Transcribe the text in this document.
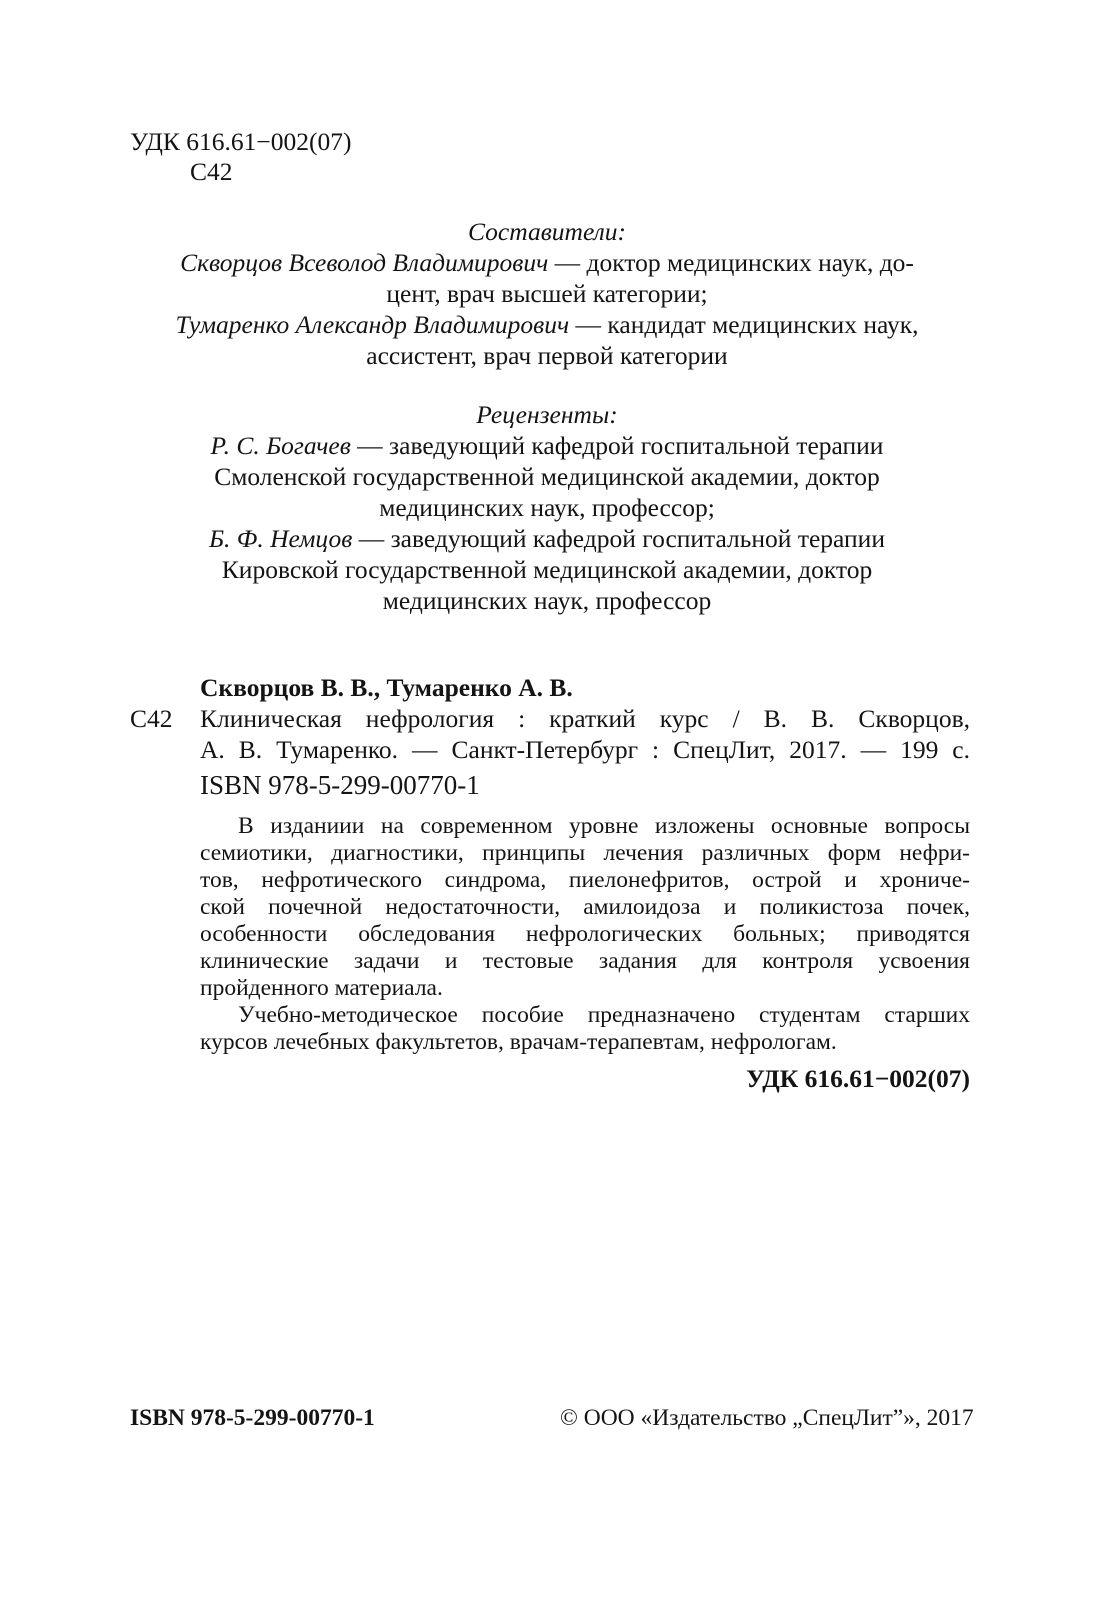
УДК 616.61−002(07)
С42
Составители:
Скворцов Всеволод Владимирович — доктор медицинских наук, до-
цент, врач высшей категории;
Тумаренко Александр Владимирович — кандидат медицинских наук,
ассистент, врач первой категории
Рецензенты:
Р. С. Богачев — заведующий кафедрой госпитальной терапии
Смоленской государственной медицинской академии, доктор
медицинских наук, профессор;
Б. Ф. Немцов — заведующий кафедрой госпитальной терапии
Кировской государственной медицинской академии, доктор
медицинских наук, профессор
Скворцов В. В., Тумаренко А. В.
С42 Клиническая нефрология : краткий курс / В. В. Скворцов,
А. В. Тумаренко. — Санкт-Петербург : СпецЛит, 2017. — 199 с.
ISBN 978-5-299-00770-1
В изданиии на современном уровне изложены основные вопросы
семиотики, диагностики, принципы лечения различных форм нефри-
тов, нефротического синдрома, пиелонефритов, острой и хрониче-
ской почечной недостаточности, амилоидоза и поликистоза почек,
особенности обследования нефрологических больных; приводятся
клинические задачи и тестовые задания для контроля усвоения
пройденного материала.
Учебно-методическое пособие предназначено студентам старших
курсов лечебных факультетов, врачам-терапевтам, нефрологам.
УДК 616.61−002(07)
ISBN 978-5-299-00770-1	© ООО «Издательство „СпецЛит”», 2017
